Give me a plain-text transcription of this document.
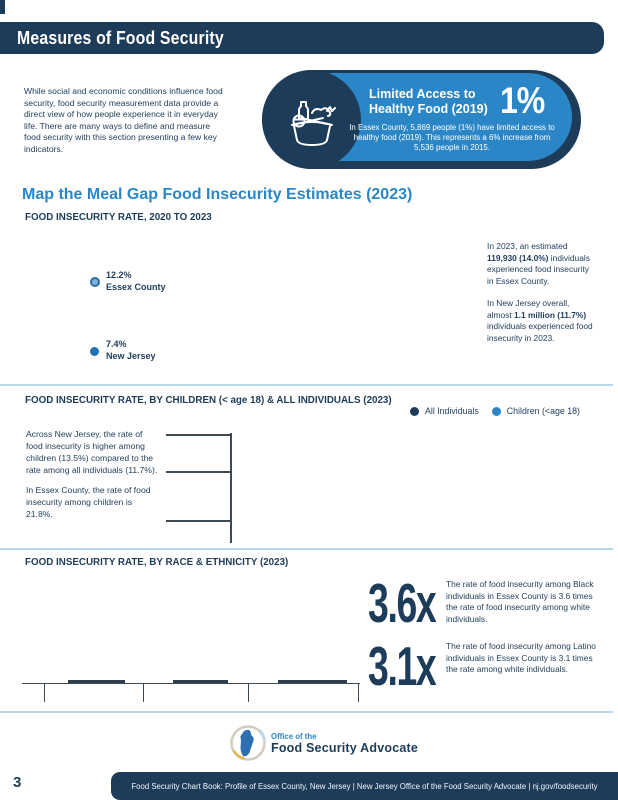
Measures of Food Security

While social and economic conditions influence food security, food security measurement data provide a direct view of how people experience it in everyday life. There are many ways to define and measure food security with this section presenting a few key indicators.

Limited Access to Healthy Food (2019) 1%
In Essex County, 5,869 people (1%) have limited access to healthy food (2019). This represents a 6% increase from 5,536 people in 2015.
Map the Meal Gap Food Insecurity Estimates (2023)
FOOD INSECURITY RATE, 2020 TO 2023
12.2%
Essex County
7.4%
New Jersey

In 2023, an estimated 119,930 (14.0%) individuals experienced food insecurity in Essex County.

In New Jersey overall, almost 1.1 million (11.7%) individuals experienced food insecurity in 2023.

FOOD INSECURITY RATE, BY CHILDREN (< age 18) & ALL INDIVIDUALS (2023)
All Individuals	Children (<age 18)

Across New Jersey, the rate of food insecurity is higher among children (13.5%) compared to the rate among all individuals (11.7%).

In Essex County, the rate of food insecurity among children is 21.8%.

FOOD INSECURITY RATE, BY RACE & ETHNICITY (2023)
3.6x The rate of food insecurity among Black individuals in Essex County is 3.6 times the rate of food insecurity among white individuals.
3.1x The rate of food insecurity among Latino individuals in Essex County is 3.1 times the rate among white individuals.
Office of the
Food Security Advocate
3	Food Security Chart Book: Profile of Essex County, New Jersey | New Jersey Office of the Food Security Advocate | nj.gov/foodsecurity
